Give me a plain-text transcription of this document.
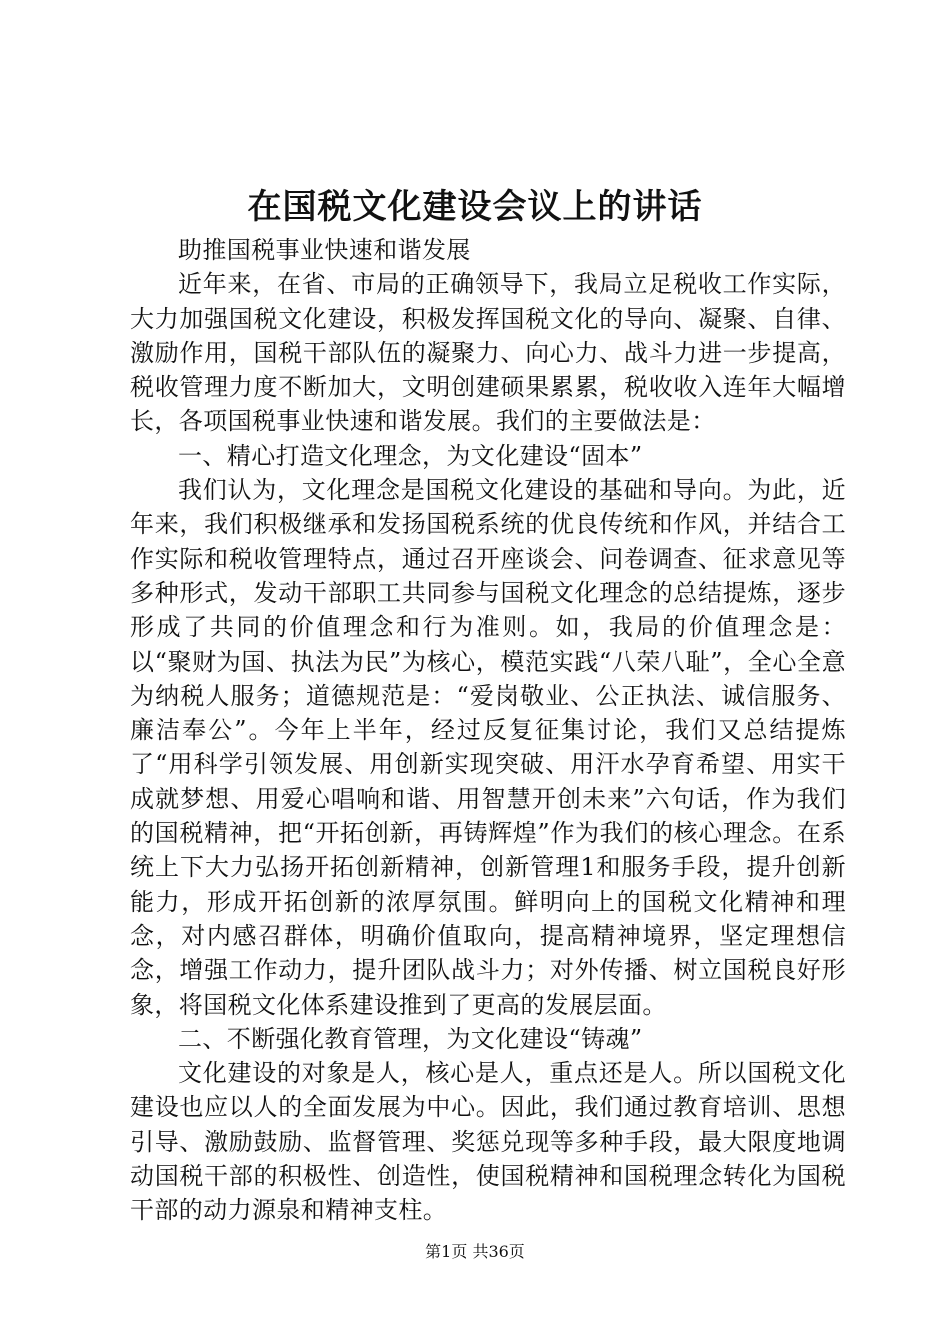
在国税文化建设会议上的讲话

助推国税事业快速和谐发展

近年来，在省、市局的正确领导下，我局立足税收工作实际，大力加强国税文化建设，积极发挥国税文化的导向、凝聚、自律、激励作用，国税干部队伍的凝聚力、向心力、战斗力进一步提高，税收管理力度不断加大，文明创建硕果累累，税收收入连年大幅增长，各项国税事业快速和谐发展。我们的主要做法是：

一、精心打造文化理念，为文化建设“固本”

我们认为，文化理念是国税文化建设的基础和导向。为此，近年来，我们积极继承和发扬国税系统的优良传统和作风，并结合工作实际和税收管理特点，通过召开座谈会、问卷调查、征求意见等多种形式，发动干部职工共同参与国税文化理念的总结提炼，逐步形成了共同的价值理念和行为准则。如，我局的价值理念是：以“聚财为国、执法为民”为核心，模范实践“八荣八耻”，全心全意为纳税人服务；道德规范是：“爱岗敬业、公正执法、诚信服务、廉洁奉公”。今年上半年，经过反复征集讨论，我们又总结提炼了“用科学引领发展、用创新实现突破、用汗水孕育希望、用实干成就梦想、用爱心唱响和谐、用智慧开创未来”六句话，作为我们的国税精神，把“开拓创新，再铸辉煌”作为我们的核心理念。在系统上下大力弘扬开拓创新精神，创新管理1和服务手段，提升创新能力，形成开拓创新的浓厚氛围。鲜明向上的国税文化精神和理念，对内感召群体，明确价值取向，提高精神境界，坚定理想信念，增强工作动力，提升团队战斗力；对外传播、树立国税良好形象，将国税文化体系建设推到了更高的发展层面。

二、不断强化教育管理，为文化建设“铸魂”

文化建设的对象是人，核心是人，重点还是人。所以国税文化建设也应以人的全面发展为中心。因此，我们通过教育培训、思想引导、激励鼓励、监督管理、奖惩兑现等多种手段，最大限度地调动国税干部的积极性、创造性，使国税精神和国税理念转化为国税干部的动力源泉和精神支柱。

第1页 共36页
